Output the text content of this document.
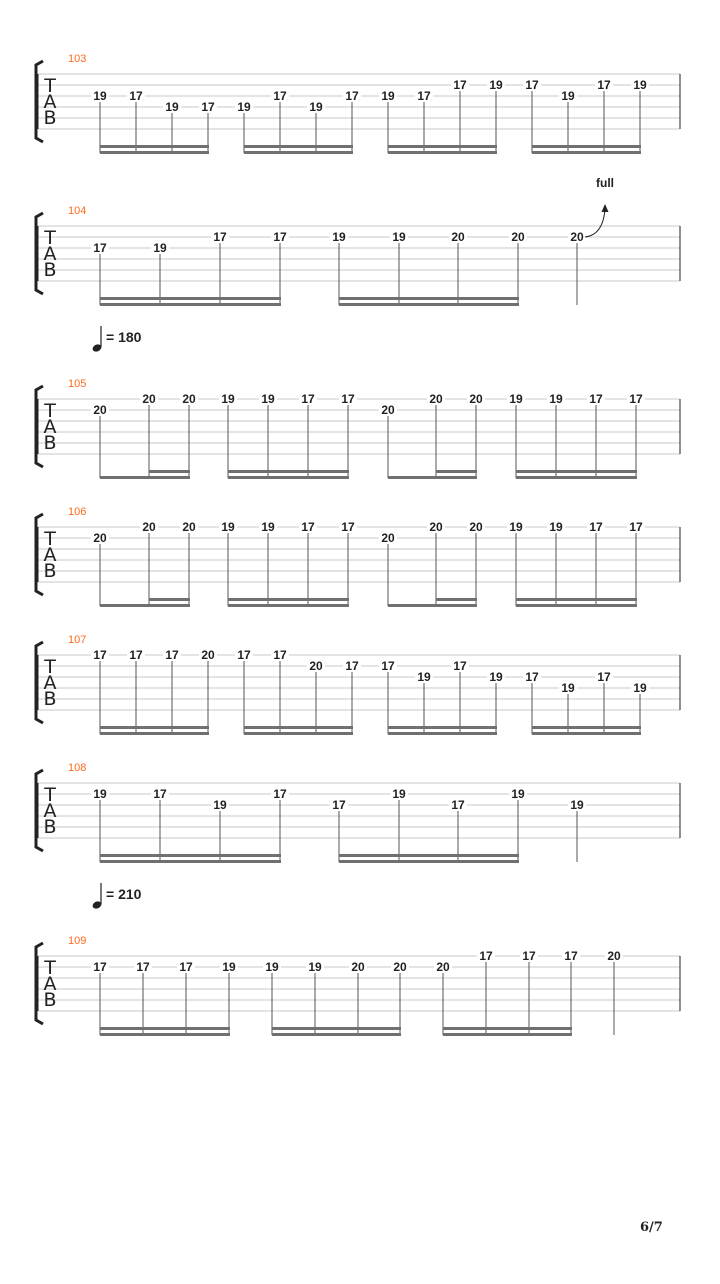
T
A
B
103
19 17
19 17 19
17
19
17 19 17
17 19 17
19
17 19
T
A
B
104
17	19
17	17	19	19	20	20	20
full
T
A
B
105
= 180
20
20 20 19 19 17 17
20
20 20 19 19 17 17
T
A
B
106
20
20 20 19 19 17 17
20
20 20 19 19 17 17
T
A
B
107
17 17 17 20 17 17
20 17 17
19
17
19 17
19
17
19
T
A
B
108
19	17
19
17
17
19
17
19
19
T
A
B
109
= 210
17 17 17 19 19 19 20 20 20
17 17 17 20
6/7
